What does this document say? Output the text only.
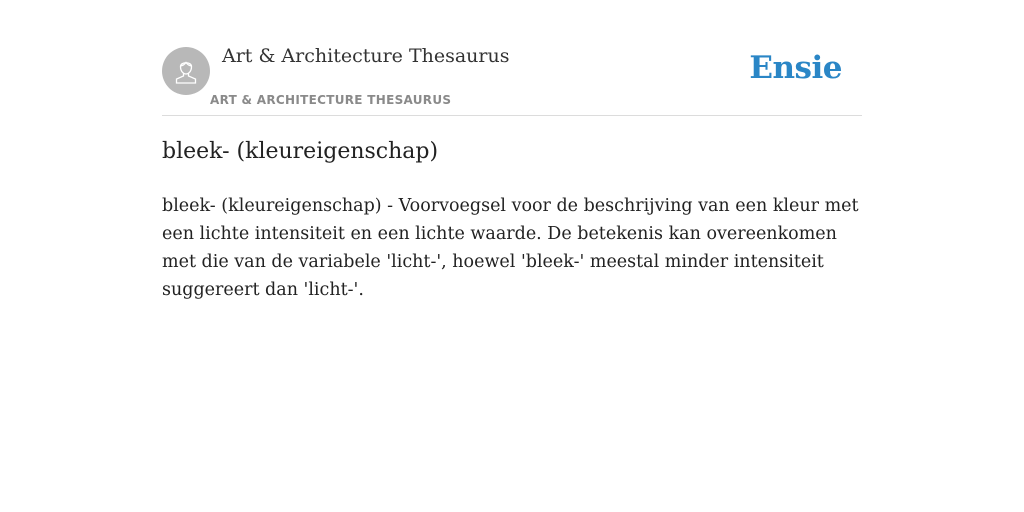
Art & Architecture Thesaurus
ART & ARCHITECTURE THESAURUS
Ensie
bleek- (kleureigenschap)

bleek- (kleureigenschap) - Voorvoegsel voor de beschrijving van een kleur met een lichte intensiteit en een lichte waarde. De betekenis kan overeenkomen met die van de variabele 'licht-', hoewel 'bleek-' meestal minder intensiteit suggereert dan 'licht-'.
